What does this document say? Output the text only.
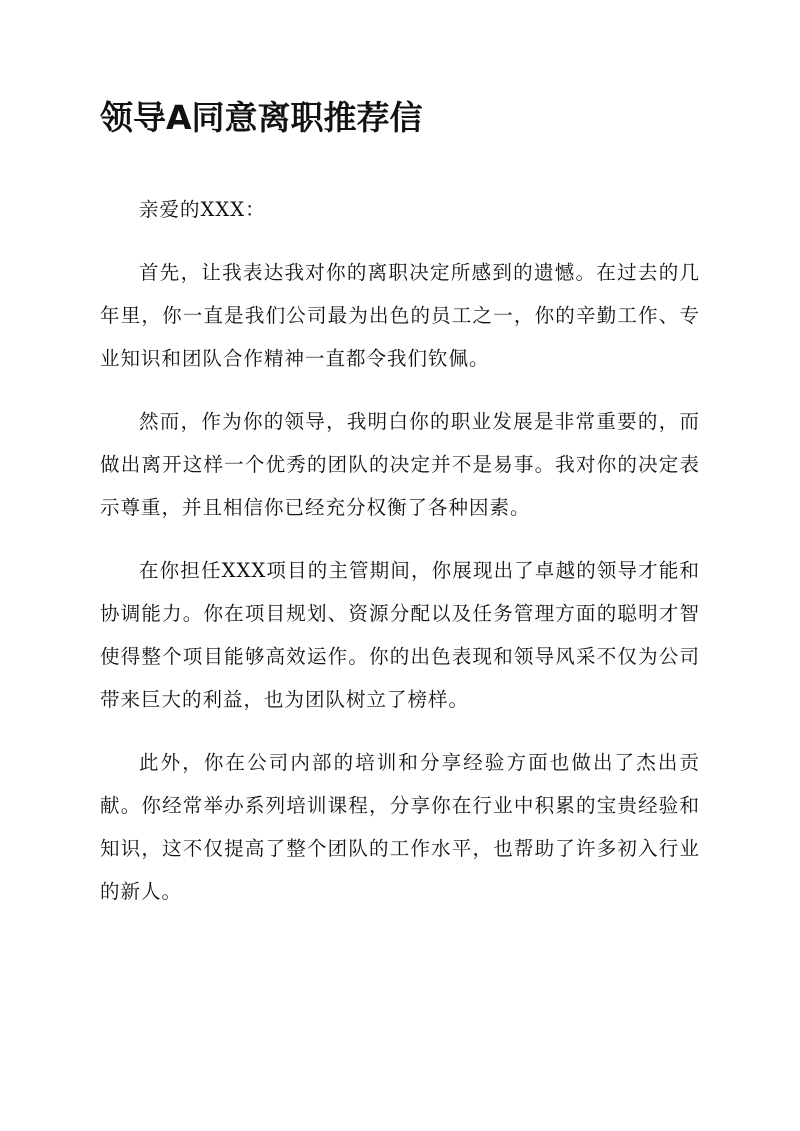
领导A同意离职推荐信

亲爱的XXX：

首先，让我表达我对你的离职决定所感到的遗憾。在过去的几年里，你一直是我们公司最为出色的员工之一，你的辛勤工作、专业知识和团队合作精神一直都令我们钦佩。

然而，作为你的领导，我明白你的职业发展是非常重要的，而做出离开这样一个优秀的团队的决定并不是易事。我对你的决定表示尊重，并且相信你已经充分权衡了各种因素。

在你担任XXX项目的主管期间，你展现出了卓越的领导才能和协调能力。你在项目规划、资源分配以及任务管理方面的聪明才智使得整个项目能够高效运作。你的出色表现和领导风采不仅为公司带来巨大的利益，也为团队树立了榜样。

此外，你在公司内部的培训和分享经验方面也做出了杰出贡献。你经常举办系列培训课程，分享你在行业中积累的宝贵经验和知识，这不仅提高了整个团队的工作水平，也帮助了许多初入行业的新人。
